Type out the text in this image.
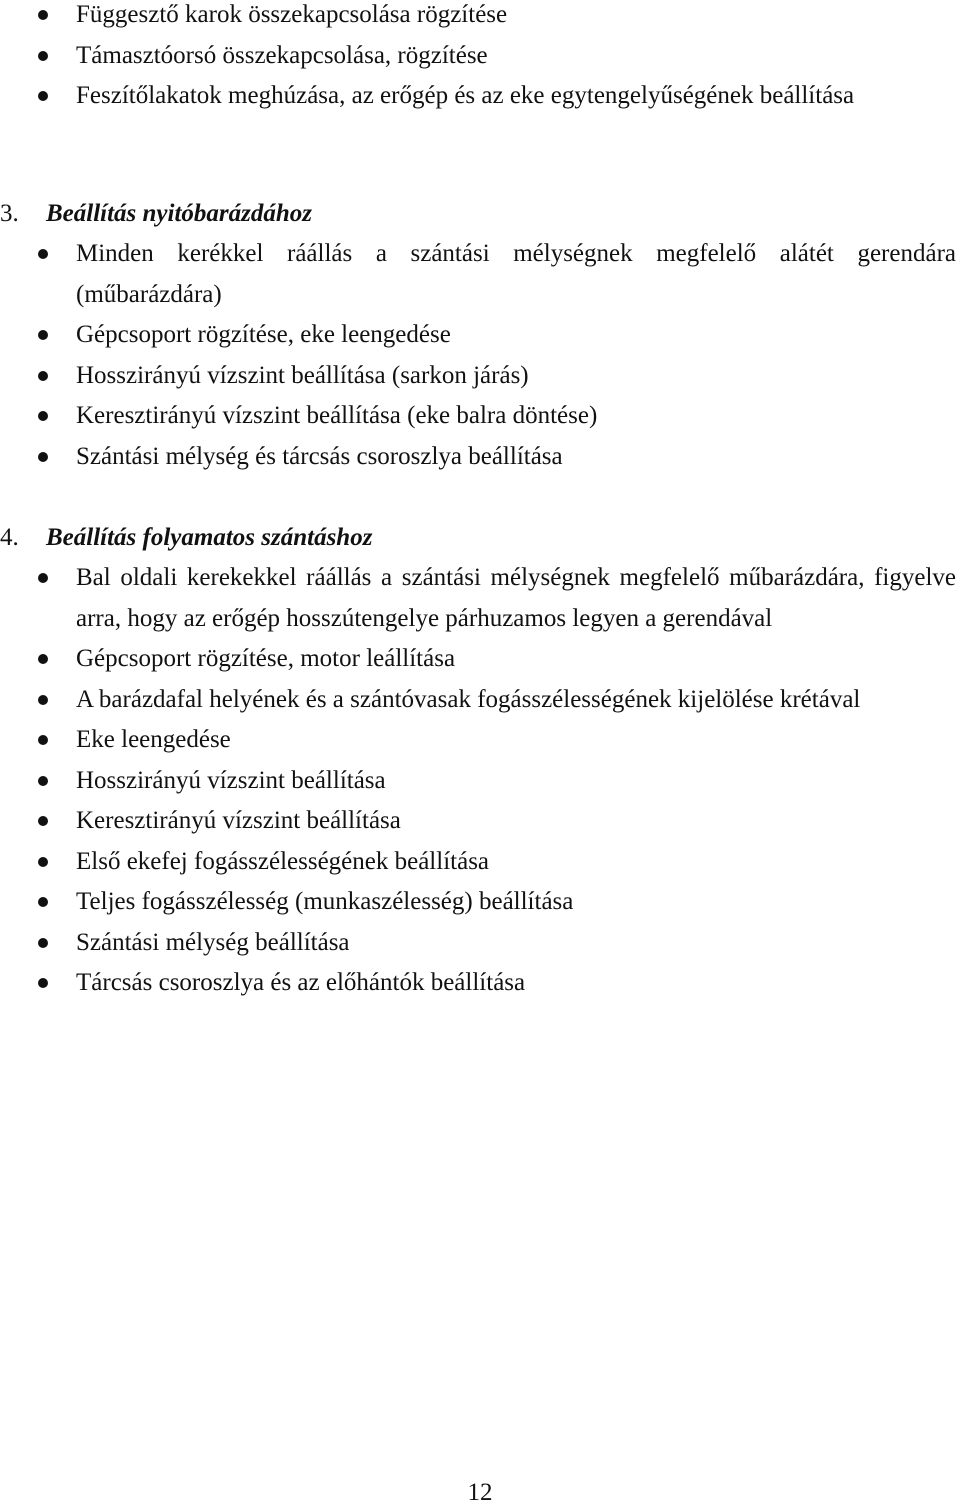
Függesztő karok összekapcsolása rögzítése
Támasztóorsó összekapcsolása, rögzítése
Feszítőlakatok meghúzása, az erőgép és az eke egytengelyűségének beállítása
3. Beállítás nyitóbarázdához
Minden kerékkel ráállás a szántási mélységnek megfelelő alátét gerendára (műbarázdára)
Gépcsoport rögzítése, eke leengedése
Hosszirányú vízszint beállítása (sarkon járás)
Keresztirányú vízszint beállítása (eke balra döntése)
Szántási mélység és tárcsás csoroszlya beállítása
4. Beállítás folyamatos szántáshoz
Bal oldali kerekekkel ráállás a szántási mélységnek megfelelő műbarázdára, figyelve arra, hogy az erőgép hosszútengelye párhuzamos legyen a gerendával
Gépcsoport rögzítése, motor leállítása
A barázdafal helyének és a szántóvasak fogásszélességének kijelölése krétával
Eke leengedése
Hosszirányú vízszint beállítása
Keresztirányú vízszint beállítása
Első ekefej fogásszélességének beállítása
Teljes fogásszélesség (munkaszélesség) beállítása
Szántási mélység beállítása
Tárcsás csoroszlya és az előhántók beállítása
12
